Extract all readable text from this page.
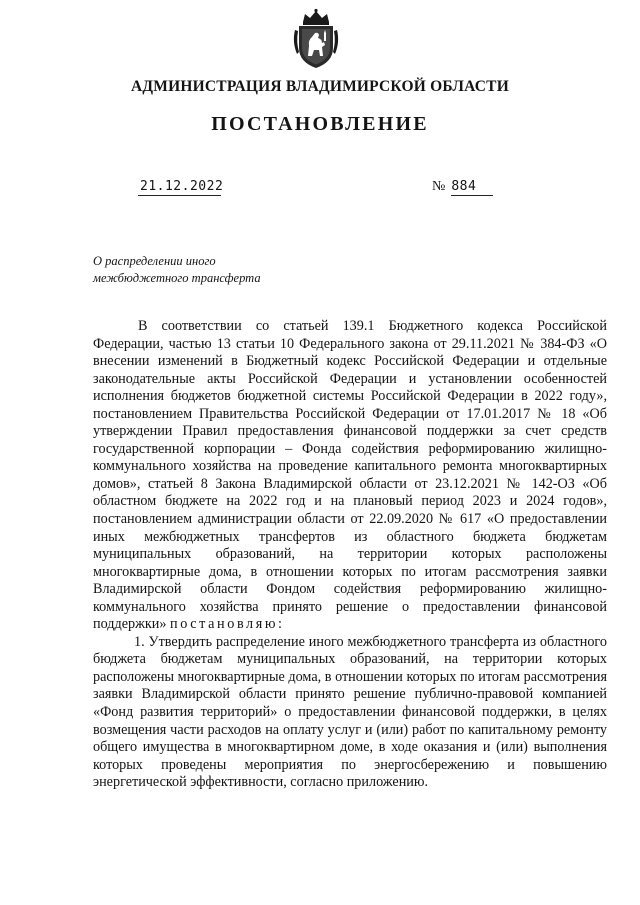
АДМИНИСТРАЦИЯ ВЛАДИМИРСКОЙ ОБЛАСТИ
ПОСТАНОВЛЕНИЕ
21.12.2022	№ 884
О распределении иного
межбюджетного трансферта

В соответствии со статьей 139.1 Бюджетного кодекса Российской Федерации, частью 13 статьи 10 Федерального закона от 29.11.2021 № 384-ФЗ «О внесении изменений в Бюджетный кодекс Российской Федерации и отдельные законодательные акты Российской Федерации и установлении особенностей исполнения бюджетов бюджетной системы Российской Федерации в 2022 году», постановлением Правительства Российской Федерации от 17.01.2017 № 18 «Об утверждении Правил предоставления финансовой поддержки за счет средств государственной корпорации – Фонда содействия реформированию жилищно-коммунального хозяйства на проведение капитального ремонта многоквартирных домов», статьей 8 Закона Владимирской области от 23.12.2021 № 142-ОЗ «Об областном бюджете на 2022 год и на плановый период 2023 и 2024 годов», постановлением администрации области от 22.09.2020 № 617 «О предоставлении иных межбюджетных трансфертов из областного бюджета бюджетам муниципальных образований, на территории которых расположены многоквартирные дома, в отношении которых по итогам рассмотрения заявки Владимирской области Фондом содействия реформированию жилищно-коммунального хозяйства принято решение о предоставлении финансовой поддержки» постановляю:

1. Утвердить распределение иного межбюджетного трансферта из областного бюджета бюджетам муниципальных образований, на территории которых расположены многоквартирные дома, в отношении которых по итогам рассмотрения заявки Владимирской области принято решение публично-правовой компанией «Фонд развития территорий» о предоставлении финансовой поддержки, в целях возмещения части расходов на оплату услуг и (или) работ по капитальному ремонту общего имущества в многоквартирном доме, в ходе оказания и (или) выполнения которых проведены мероприятия по энергосбережению и повышению энергетической эффективности, согласно приложению.
